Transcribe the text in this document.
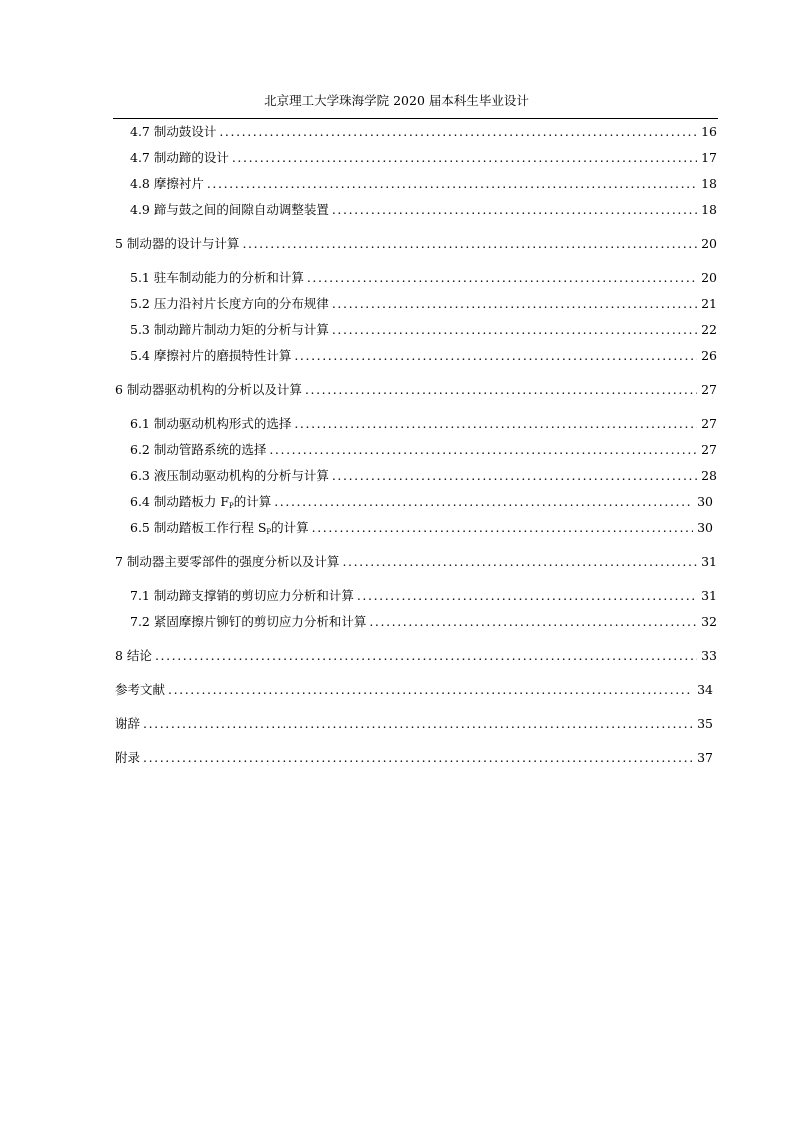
北京理工大学珠海学院 2020 届本科生毕业设计
4.7 制动鼓设计 .....	16
4.7 制动蹄的设计 .....	17
4.8 摩擦衬片 .....	18
4.9 蹄与鼓之间的间隙自动调整装置 .....	18
5 制动器的设计与计算 .....	20
5.1 驻车制动能力的分析和计算 .....	20
5.2 压力沿衬片长度方向的分布规律 .....	21
5.3 制动蹄片制动力矩的分析与计算 .....	22
5.4 摩擦衬片的磨损特性计算 .....	26
6 制动器驱动机构的分析以及计算 .....	27
6.1 制动驱动机构形式的选择 .....	27
6.2 制动管路系统的选择 .....	27
6.3 液压制动驱动机构的分析与计算 .....	28
6.4 制动踏板力 $F_P$的计算 .....	30
6.5 制动踏板工作行程 $S_P$的计算 .....	30
7 制动器主要零部件的强度分析以及计算 .....	31
7.1 制动蹄支撑销的剪切应力分析和计算 .....	31
7.2 紧固摩擦片铆钉的剪切应力分析和计算 .....	32
8 结论 .....	33
参考文献 .....	34
谢辞 .....	35
附录 .....	37
